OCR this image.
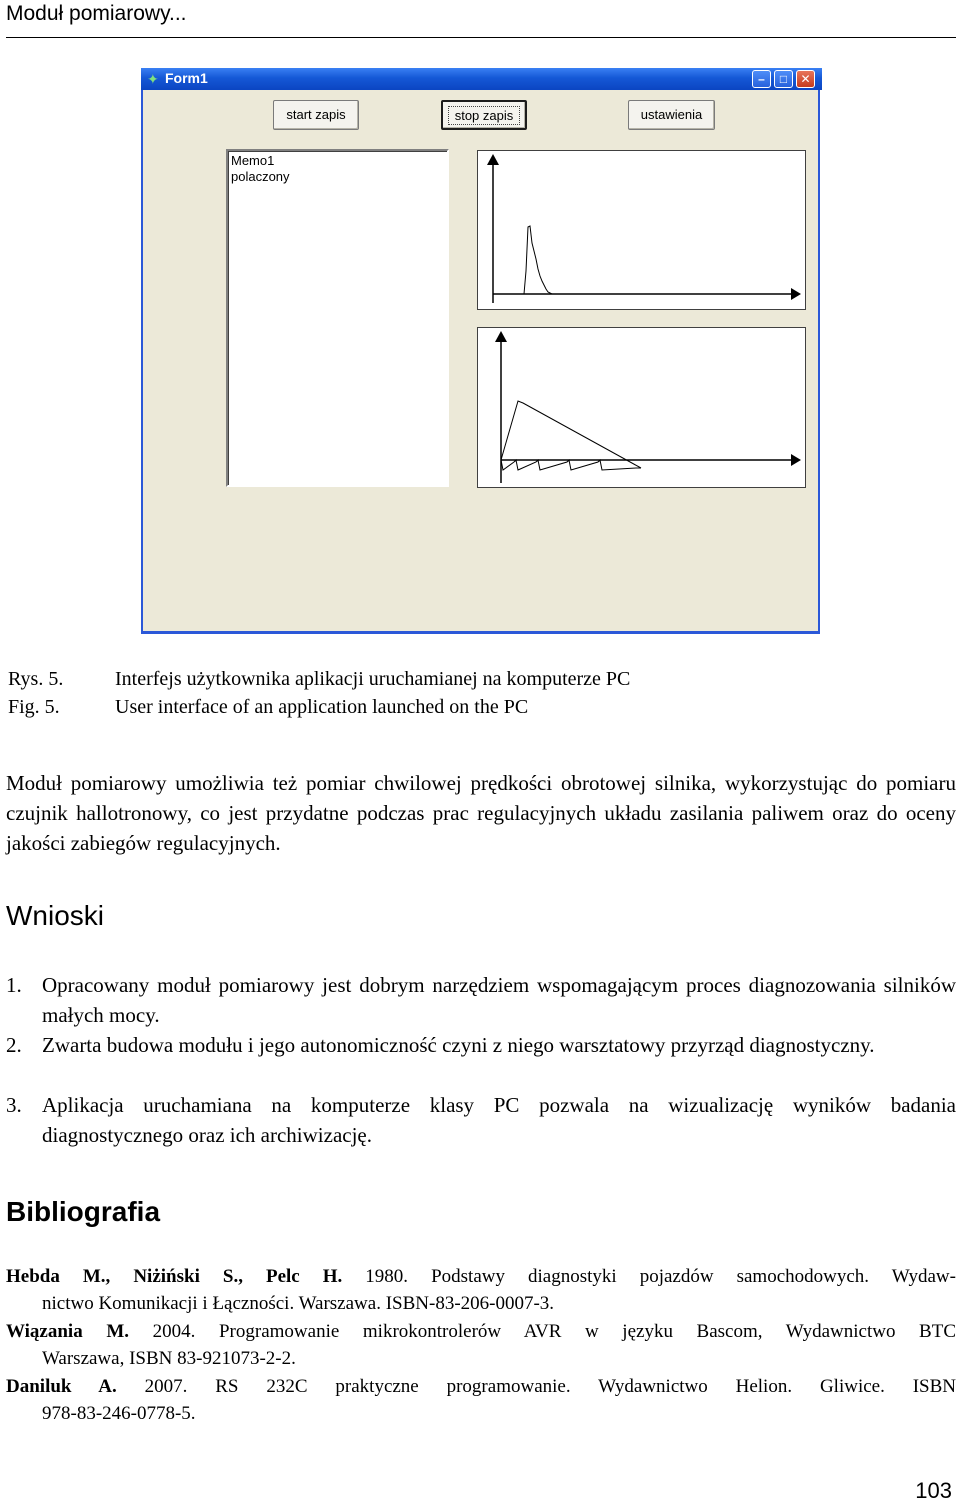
Moduł pomiarowy...
✦ Form1	–	□	✕
start zapis	stop zapis	ustawienia
Memo1
polaczony
Rys. 5.	Interfejs użytkownika aplikacji uruchamianej na komputerze PC
Fig. 5.	User interface of an application launched on the PC
Moduł pomiarowy umożliwia też pomiar chwilowej prędkości obrotowej silnika, wykorzystując do pomiaru czujnik hallotronowy, co jest przydatne podczas prac regulacyjnych układu zasilania paliwem oraz do oceny jakości zabiegów regulacyjnych.
Wnioski
1. Opracowany moduł pomiarowy jest dobrym narzędziem wspomagającym proces diagnozowania silników małych mocy.
2. Zwarta budowa modułu i jego autonomiczność czyni z niego warsztatowy przyrząd diagnostyczny.
3. Aplikacja uruchamiana na komputerze klasy PC pozwala na wizualizację wyników badania diagnostycznego oraz ich archiwizację.
Bibliografia
Hebda M., Niżiński S., Pelc H. 1980. Podstawy diagnostyki pojazdów samochodowych. Wydaw-
nictwo Komunikacji i Łączności. Warszawa. ISBN-83-206-0007-3.
Wiązania M. 2004. Programowanie mikrokontrolerów AVR w języku Bascom, Wydawnictwo BTC
Warszawa, ISBN 83-921073-2-2.
Daniluk A. 2007. RS 232C praktyczne programowanie. Wydawnictwo Helion. Gliwice. ISBN
978-83-246-0778-5.
103
